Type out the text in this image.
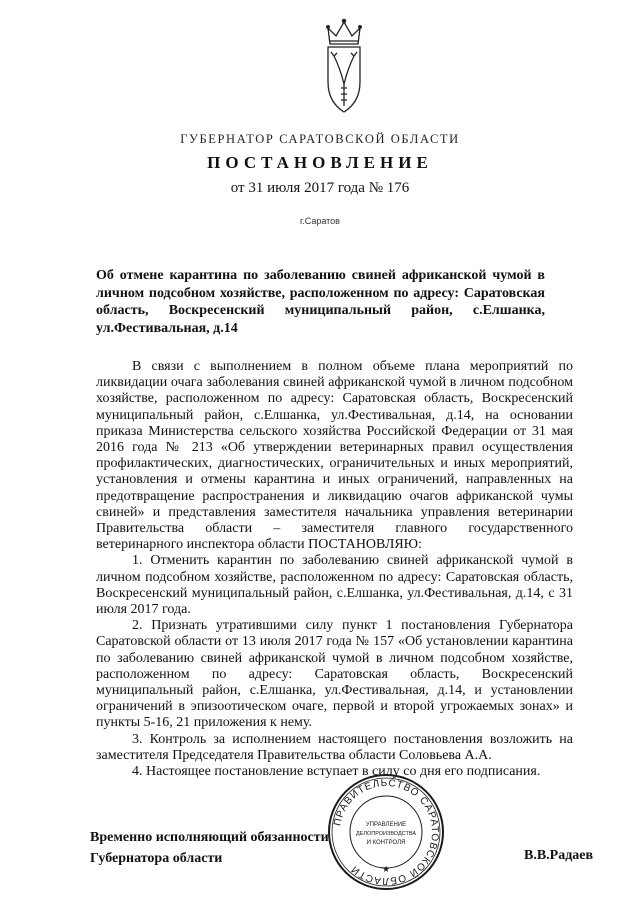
ГУБЕРНАТОР САРАТОВСКОЙ ОБЛАСТИ
ПОСТАНОВЛЕНИЕ
от 31 июля 2017 года № 176
г.Саратов
Об отмене карантина по заболеванию свиней африканской чумой в личном подсобном хозяйстве, расположенном по адресу: Саратовская область, Воскресенский муниципальный район, с.Елшанка, ул.Фестивальная, д.14

В связи с выполнением в полном объеме плана мероприятий по ликвидации очага заболевания свиней африканской чумой в личном подсобном хозяйстве, расположенном по адресу: Саратовская область, Воскресенский муниципальный район, с.Елшанка, ул.Фестивальная, д.14, на основании приказа Министерства сельского хозяйства Российской Федерации от 31 мая 2016 года № 213 «Об утверждении ветеринарных правил осуществления профилактических, диагностических, ограничительных и иных мероприятий, установления и отмены карантина и иных ограничений, направленных на предотвращение распространения и ликвидацию очагов африканской чумы свиней» и представления заместителя начальника управления ветеринарии Правительства области – заместителя главного государственного ветеринарного инспектора области ПОСТАНОВЛЯЮ:

1. Отменить карантин по заболеванию свиней африканской чумой в личном подсобном хозяйстве, расположенном по адресу: Саратовская область, Воскресенский муниципальный район, с.Елшанка, ул.Фестивальная, д.14, с 31 июля 2017 года.

2. Признать утратившими силу пункт 1 постановления Губернатора Саратовской области от 13 июля 2017 года № 157 «Об установлении карантина по заболеванию свиней африканской чумой в личном подсобном хозяйстве, расположенном по адресу: Саратовская область, Воскресенский муниципальный район, с.Елшанка, ул.Фестивальная, д.14, и установлении ограничений в эпизоотическом очаге, первой и второй угрожаемых зонах» и пункты 5-16, 21 приложения к нему.

3. Контроль за исполнением настоящего постановления возложить на заместителя Председателя Правительства области Соловьева А.А.

4. Настоящее постановление вступает в силу со дня его подписания.

Временно исполняющий обязанности
Губернатора области	В.В.Радаев
ПРАВИТЕЛЬСТВО САРАТОВСКОЙ ОБЛАСТИ
УПРАВЛЕНИЕ
ДЕЛОПРОИЗВОДСТВА
И КОНТРОЛЯ
★
